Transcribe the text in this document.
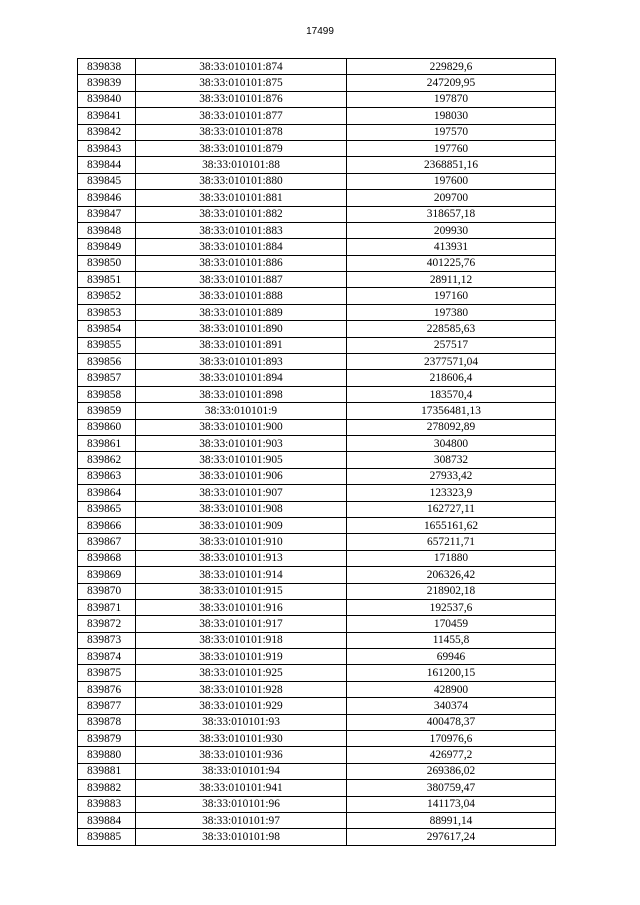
17499
839838	38:33:010101:874	229829,6
839839	38:33:010101:875	247209,95
839840	38:33:010101:876	197870
839841	38:33:010101:877	198030
839842	38:33:010101:878	197570
839843	38:33:010101:879	197760
839844	38:33:010101:88	2368851,16
839845	38:33:010101:880	197600
839846	38:33:010101:881	209700
839847	38:33:010101:882	318657,18
839848	38:33:010101:883	209930
839849	38:33:010101:884	413931
839850	38:33:010101:886	401225,76
839851	38:33:010101:887	28911,12
839852	38:33:010101:888	197160
839853	38:33:010101:889	197380
839854	38:33:010101:890	228585,63
839855	38:33:010101:891	257517
839856	38:33:010101:893	2377571,04
839857	38:33:010101:894	218606,4
839858	38:33:010101:898	183570,4
839859	38:33:010101:9	17356481,13
839860	38:33:010101:900	278092,89
839861	38:33:010101:903	304800
839862	38:33:010101:905	308732
839863	38:33:010101:906	27933,42
839864	38:33:010101:907	123323,9
839865	38:33:010101:908	162727,11
839866	38:33:010101:909	1655161,62
839867	38:33:010101:910	657211,71
839868	38:33:010101:913	171880
839869	38:33:010101:914	206326,42
839870	38:33:010101:915	218902,18
839871	38:33:010101:916	192537,6
839872	38:33:010101:917	170459
839873	38:33:010101:918	11455,8
839874	38:33:010101:919	69946
839875	38:33:010101:925	161200,15
839876	38:33:010101:928	428900
839877	38:33:010101:929	340374
839878	38:33:010101:93	400478,37
839879	38:33:010101:930	170976,6
839880	38:33:010101:936	426977,2
839881	38:33:010101:94	269386,02
839882	38:33:010101:941	380759,47
839883	38:33:010101:96	141173,04
839884	38:33:010101:97	88991,14
839885	38:33:010101:98	297617,24
